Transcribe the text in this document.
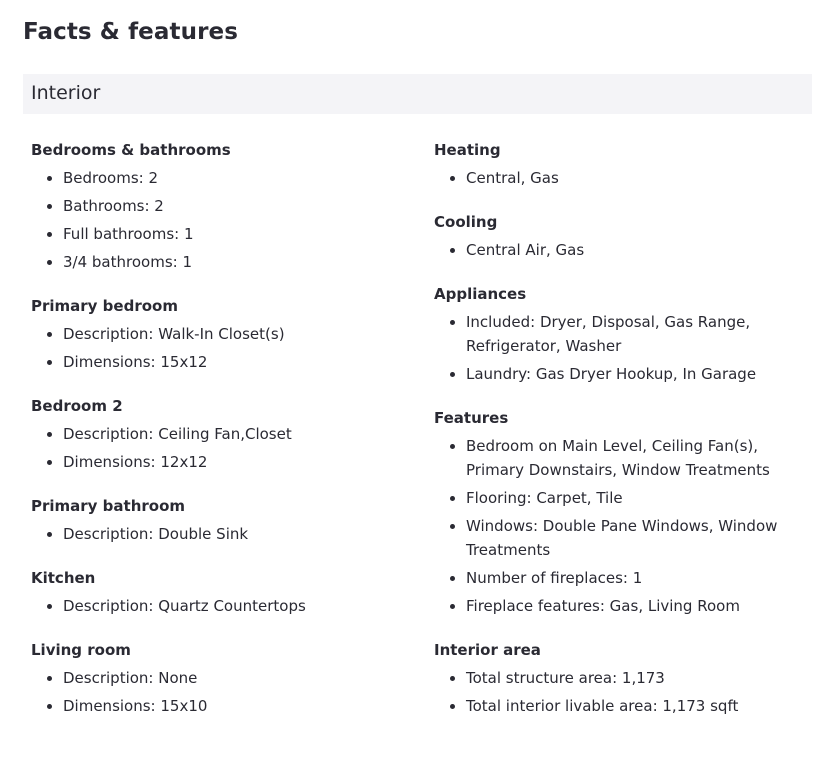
Facts & features
Interior
Bedrooms & bathrooms
• Bedrooms: 2
• Bathrooms: 2
• Full bathrooms: 1
• 3/4 bathrooms: 1
Primary bedroom
• Description: Walk-In Closet(s)
• Dimensions: 15x12
Bedroom 2
• Description: Ceiling Fan,Closet
• Dimensions: 12x12
Primary bathroom
• Description: Double Sink
Kitchen
• Description: Quartz Countertops
Living room
• Description: None
• Dimensions: 15x10
Heating
• Central, Gas
Cooling
• Central Air, Gas
Appliances
• Included: Dryer, Disposal, Gas Range, Refrigerator, Washer
• Laundry: Gas Dryer Hookup, In Garage
Features
• Bedroom on Main Level, Ceiling Fan(s), Primary Downstairs, Window Treatments
• Flooring: Carpet, Tile
• Windows: Double Pane Windows, Window Treatments
• Number of fireplaces: 1
• Fireplace features: Gas, Living Room
Interior area
• Total structure area: 1,173
• Total interior livable area: 1,173 sqft
